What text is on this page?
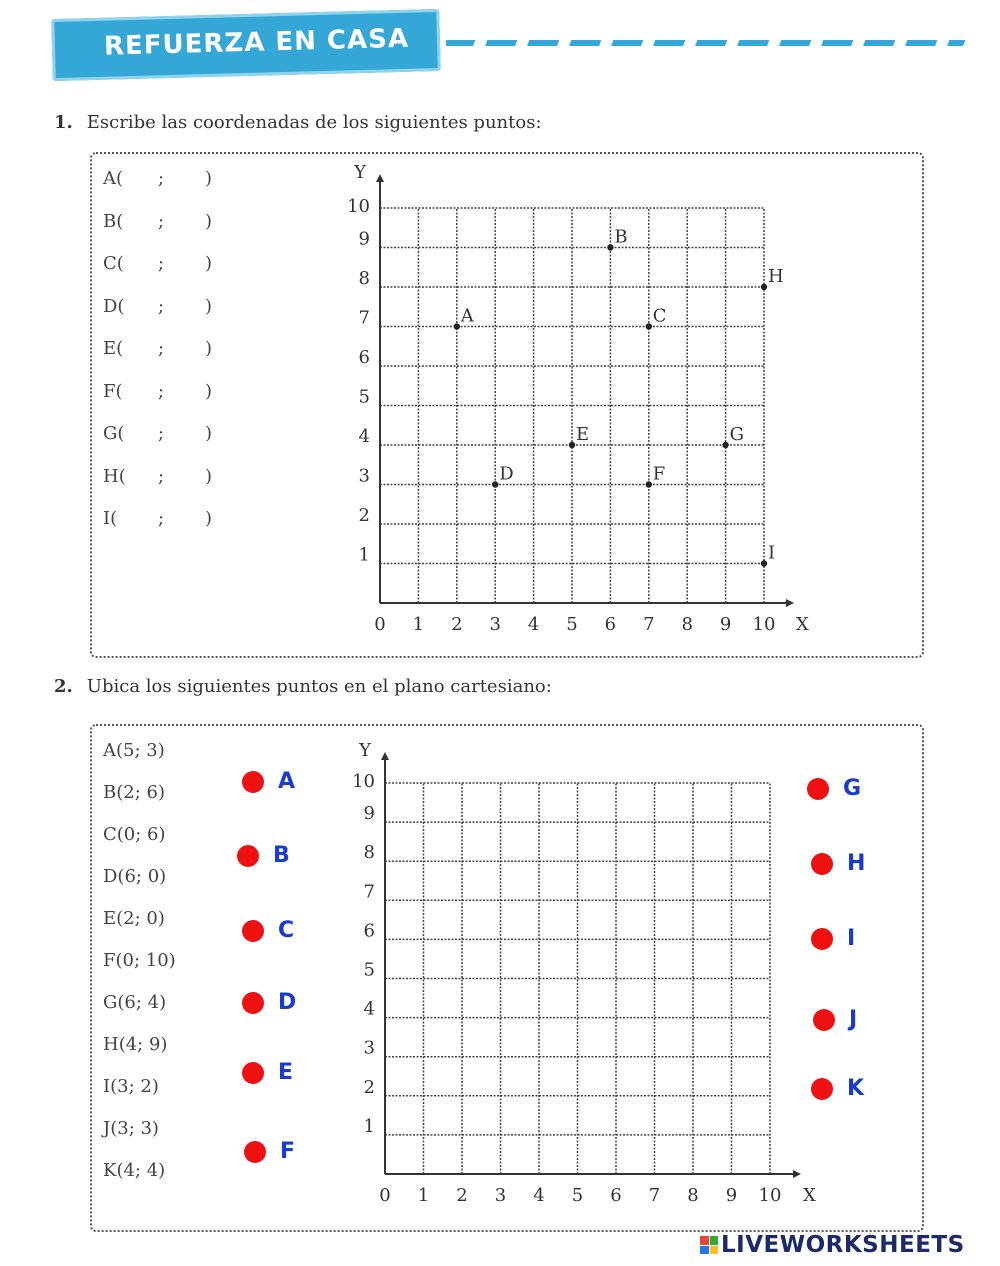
REFUERZA EN CASA
1. Escribe las coordenadas de los siguientes puntos:
A( ; )
B( ; )
C( ; )
D( ; )
E( ; )
F( ; )
G( ; )
H( ; )
I( ; )
0 1 2 3 4 5 6 7 8 9 10
1
2
3
4
5
6
7
8
9
10
X
Y
A
B
C
D
E
F
G
H
I
2. Ubica los siguientes puntos en el plano cartesiano:
A(5; 3)
B(2; 6)
C(0; 6)
D(6; 0)
E(2; 0)
F(0; 10)
G(6; 4)
H(4; 9)
I(3; 2)
J(3; 3)
K(4; 4)
A
B
C
D
E
F
G
H
I
J
K
0 1 2 3 4 5 6 7 8 9 10
1
2
3
4
5
6
7
8
9
10
X
Y
LIVEWORKSHEETS
